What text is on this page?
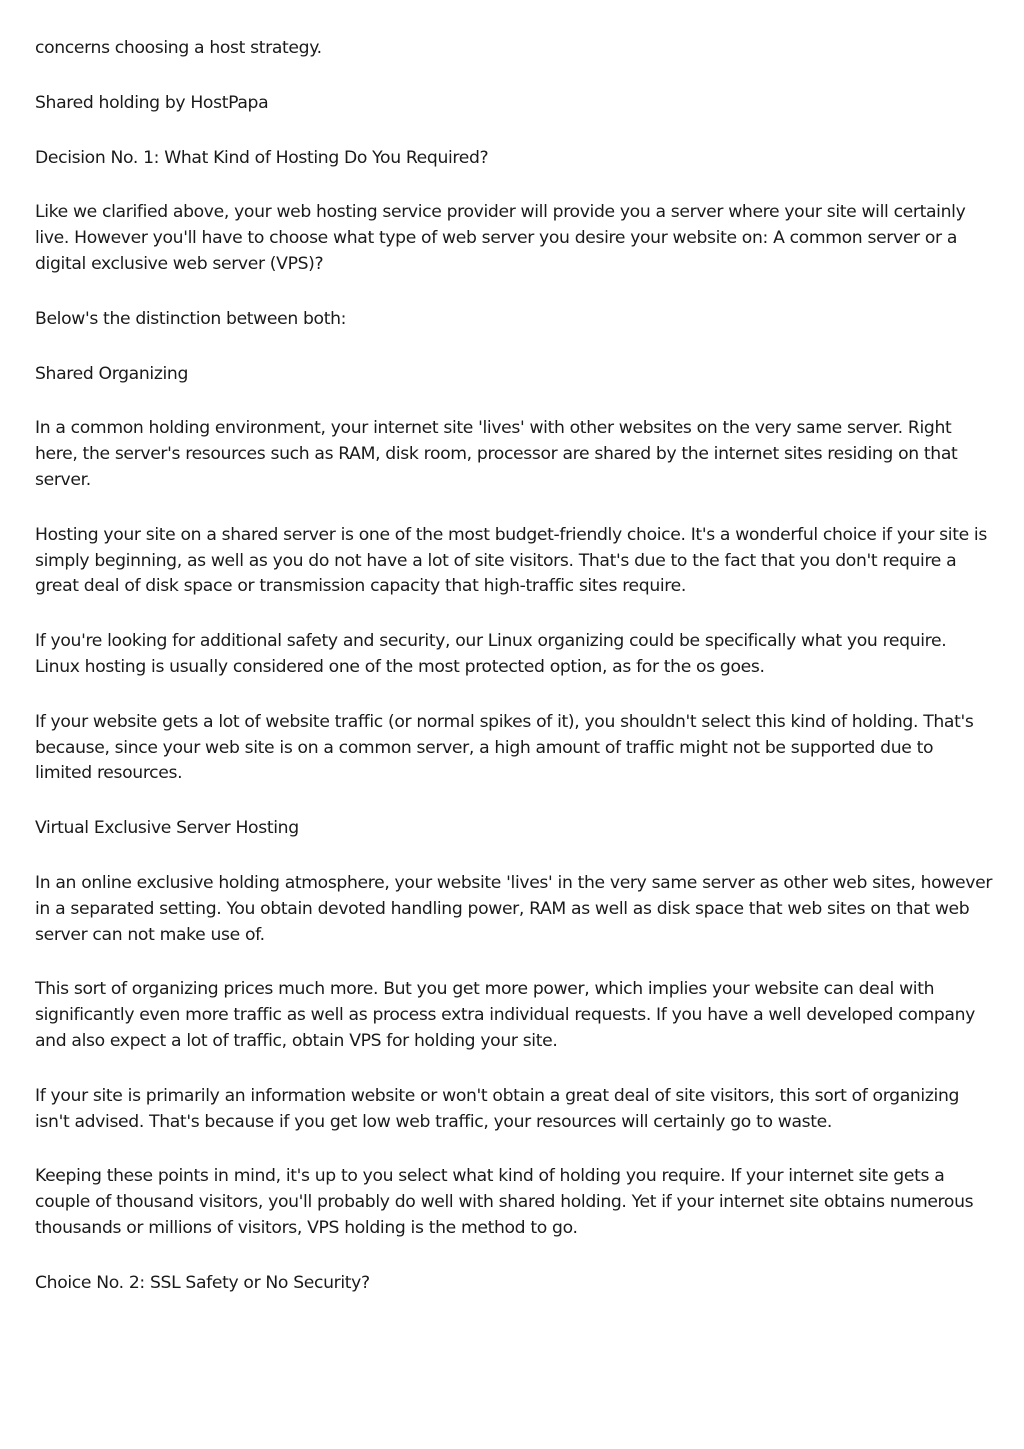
concerns choosing a host strategy.

Shared holding by HostPapa

Decision No. 1: What Kind of Hosting Do You Required?

Like we clarified above, your web hosting service provider will provide you a server where your site will certainly live. However you'll have to choose what type of web server you desire your website on: A common server or a digital exclusive web server (VPS)?

Below's the distinction between both:

Shared Organizing

In a common holding environment, your internet site 'lives' with other websites on the very same server. Right here, the server's resources such as RAM, disk room, processor are shared by the internet sites residing on that server.

Hosting your site on a shared server is one of the most budget-friendly choice. It's a wonderful choice if your site is simply beginning, as well as you do not have a lot of site visitors. That's due to the fact that you don't require a great deal of disk space or transmission capacity that high-traffic sites require.

If you're looking for additional safety and security, our Linux organizing could be specifically what you require. Linux hosting is usually considered one of the most protected option, as for the os goes.

If your website gets a lot of website traffic (or normal spikes of it), you shouldn't select this kind of holding. That's because, since your web site is on a common server, a high amount of traffic might not be supported due to limited resources.

Virtual Exclusive Server Hosting

In an online exclusive holding atmosphere, your website 'lives' in the very same server as other web sites, however in a separated setting. You obtain devoted handling power, RAM as well as disk space that web sites on that web server can not make use of.

This sort of organizing prices much more. But you get more power, which implies your website can deal with significantly even more traffic as well as process extra individual requests. If you have a well developed company and also expect a lot of traffic, obtain VPS for holding your site.

If your site is primarily an information website or won't obtain a great deal of site visitors, this sort of organizing isn't advised. That's because if you get low web traffic, your resources will certainly go to waste.

Keeping these points in mind, it's up to you select what kind of holding you require. If your internet site gets a couple of thousand visitors, you'll probably do well with shared holding. Yet if your internet site obtains numerous thousands or millions of visitors, VPS holding is the method to go.

Choice No. 2: SSL Safety or No Security?
